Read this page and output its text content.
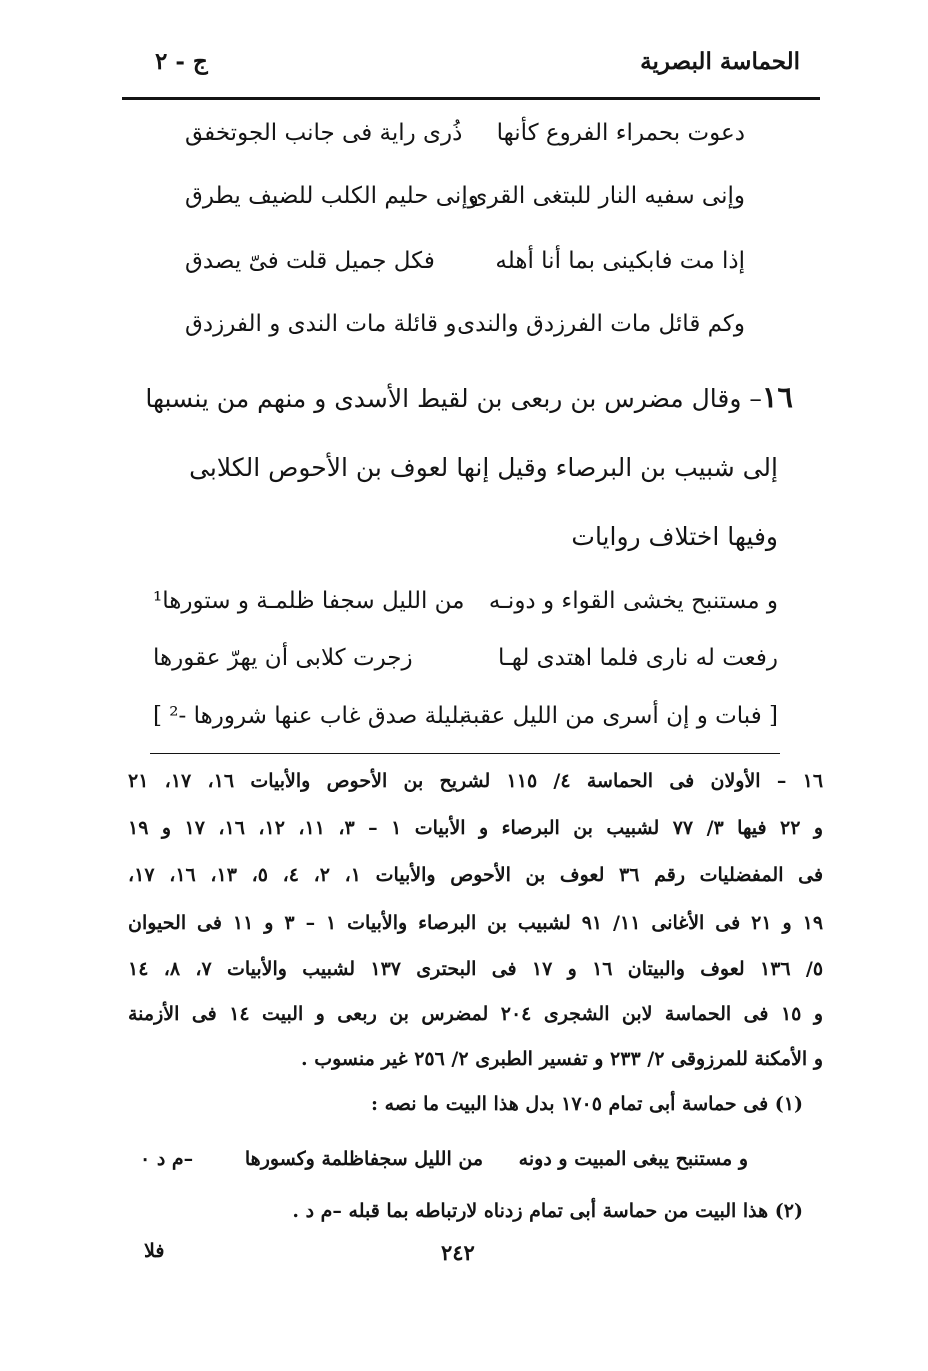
الحماسة البصرية
ج - ٢
دعوت بحمراء الفروع كأنها
ذُرى راية فى جانب الجوتخفق
وإنى سفيه النار للبتغى القرى
وإنى حليم الكلب للضيف يطرق
إذا مت فابكينى بما أنا أهله
فكل جميل قلت فىّ يصدق
وكم قائل مات الفرزدق والندى
و قائلة مات الندى و الفرزدق
١٦– وقال مضرس بن ربعى بن لقيط الأسدى و منهم من ينسبها
إلى شبيب بن البرصاء وقيل إنها لعوف بن الأحوص الكلابى
وفيها اختلاف روايات
و مستنبح يخشى القواء و دونـه
من الليل سجفا ظلمـة و ستورها¹
رفعت له نارى فلما اهتدى لهـا
زجرت كلابى أن يهرّ عقورها
[ فبات و إن أسرى من الليل عقبة
بليلة صدق غاب عنها شرورها -² ]
١٦ – الأولان فى الحماسة ٤/ ١١٥ لشريح بن الأحوص والأبيات ١٦، ١٧، ٢١
و ٢٢ فيها ٣/ ٧٧ لشبيب بن البرصاء و الأبيات ١ – ٣، ١١، ١٢، ١٦، ١٧ و ١٩
فى المفضليات رقم ٣٦ لعوف بن الأحوص والأبيات ١، ٢، ٤، ٥، ١٣، ١٦، ١٧،
١٩ و ٢١ فى الأغانى ١١/ ٩١ لشبيب بن البرصاء والأبيات ١ – ٣ و ١١ فى الحيوان
٥/ ١٣٦ لعوف والبيتان ١٦ و ١٧ فى البحترى ١٣٧ لشبيب والأبيات ٧، ٨، ١٤
و ١٥ فى الحماسة لابن الشجرى ٢٠٤ لمضرس بن ربعى و البيت ١٤ فى الأزمنة
و الأمكنة للمرزوقى ٢/ ٢٣٣ و تفسير الطبرى ٢/ ٢٥٦ غير منسوب .
(١) فى حماسة أبى تمام ١٧٠٥ بدل هذا البيت ما نصه :
و مستنبح يبغى المبيت و دونه
من الليل سجفاظلمة وكسورها
–م د ٠
(٢) هذا البيت من حماسة أبى تمام زدناه لارتباطه بما قبله –م د .
٢٤٢
فلا
